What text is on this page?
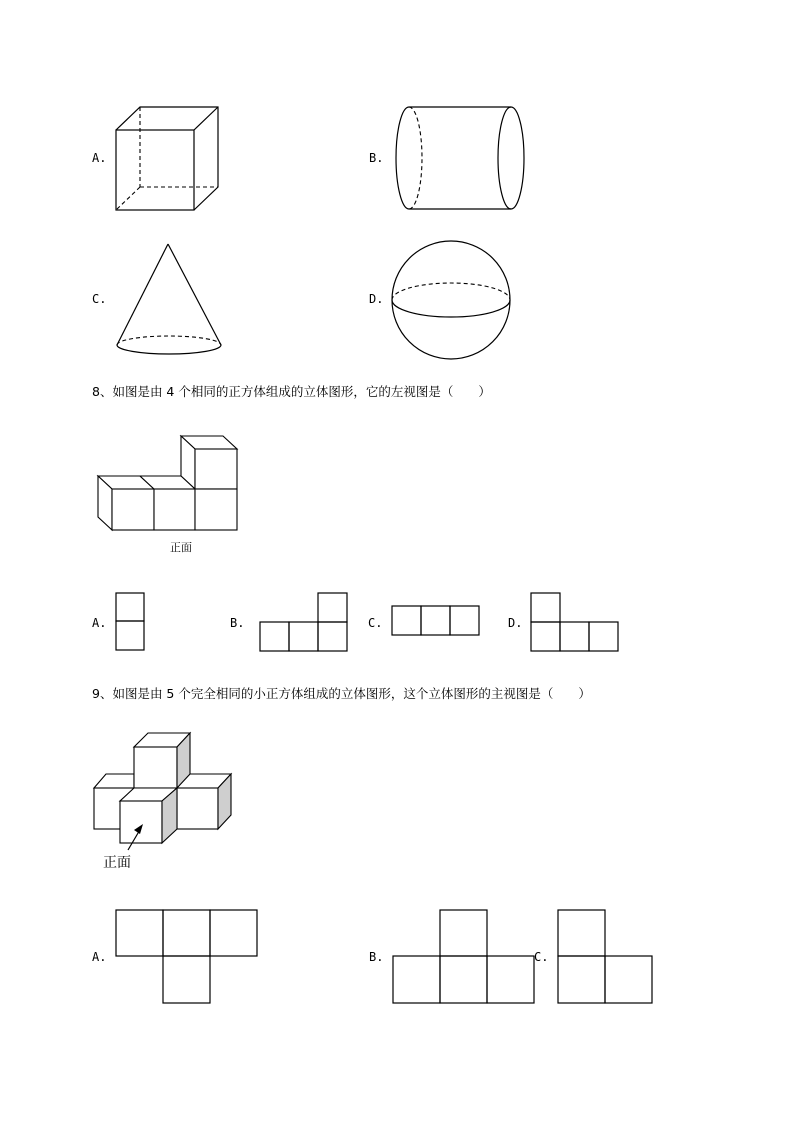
A.	B.
C.	D.
8、如图是由 4 个相同的正方体组成的立体图形，它的左视图是（　　）
正面
A.	B.	C.	D.
9、如图是由 5 个完全相同的小正方体组成的立体图形，这个立体图形的主视图是（　　）
正面
A.	B.	C.
